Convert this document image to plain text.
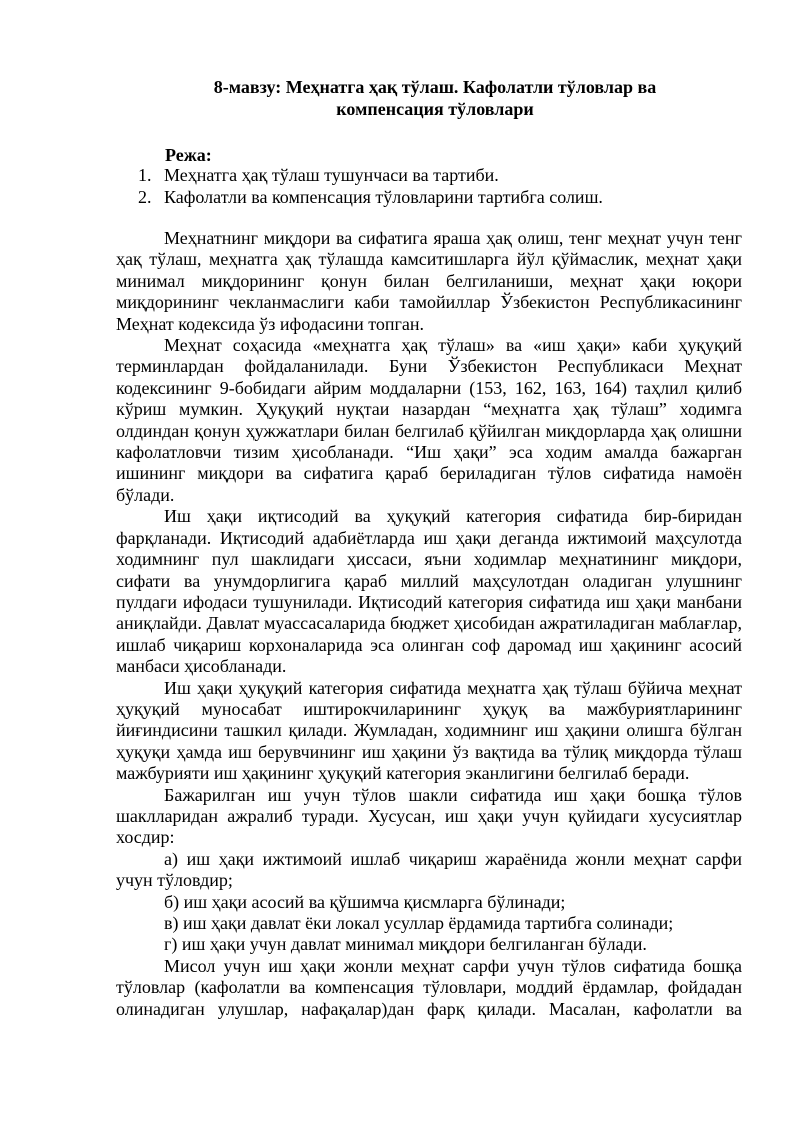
8-мавзу: Меҳнатга ҳақ тўлаш. Кафолатли тўловлар ва
компенсация тўловлари
Режа:
1. Меҳнатга ҳақ тўлаш тушунчаси ва тартиби.
2. Кафолатли ва компенсация тўловларини тартибга солиш.

Меҳнатнинг миқдори ва сифатига яраша ҳақ олиш, тенг меҳнат учун тенг ҳақ тўлаш, меҳнатга ҳақ тўлашда камситишларга йўл қўймаслик, меҳнат ҳақи минимал миқдорининг қонун билан белгиланиши, меҳнат ҳақи юқори миқдорининг чекланмаслиги каби тамойиллар Ўзбекистон Республикасининг Меҳнат кодексида ўз ифодасини топган.

Меҳнат соҳасида «меҳнатга ҳақ тўлаш» ва «иш ҳақи» каби ҳуқуқий терминлардан фойдаланилади. Буни Ўзбекистон Республикаси Меҳнат кодексининг 9-бобидаги айрим моддаларни (153, 162, 163, 164) таҳлил қилиб кўриш мумкин. Ҳуқуқий нуқтаи назардан “меҳнатга ҳақ тўлаш” ходимга олдиндан қонун ҳужжатлари билан белгилаб қўйилган миқдорларда ҳақ олишни кафолатловчи тизим ҳисобланади. “Иш ҳақи” эса ходим амалда бажарган ишининг миқдори ва сифатига қараб бериладиган тўлов сифатида намоён бўлади.

Иш ҳақи иқтисодий ва ҳуқуқий категория сифатида бир-биридан фарқланади. Иқтисодий адабиётларда иш ҳақи деганда ижтимоий маҳсулотда ходимнинг пул шаклидаги ҳиссаси, яъни ходимлар меҳнатининг миқдори, сифати ва унумдорлигига қараб миллий маҳсулотдан оладиган улушнинг пулдаги ифодаси тушунилади. Иқтисодий категория сифатида иш ҳақи манбани аниқлайди. Давлат муассасаларида бюджет ҳисобидан ажратиладиган маблағлар, ишлаб чиқариш корхоналарида эса олинган соф даромад иш ҳақининг асосий манбаси ҳисобланади.

Иш ҳақи ҳуқуқий категория сифатида меҳнатга ҳақ тўлаш бўйича меҳнат ҳуқуқий муносабат иштирокчиларининг ҳуқуқ ва мажбуриятларининг йиғиндисини ташкил қилади. Жумладан, ходимнинг иш ҳақини олишга бўлган ҳуқуқи ҳамда иш берувчининг иш ҳақини ўз вақтида ва тўлиқ миқдорда тўлаш мажбурияти иш ҳақининг ҳуқуқий категория эканлигини белгилаб беради.

Бажарилган иш учун тўлов шакли сифатида иш ҳақи бошқа тўлов шаклларидан ажралиб туради. Хусусан, иш ҳақи учун қуйидаги хусусиятлар хосдир:

а) иш ҳақи ижтимоий ишлаб чиқариш жараёнида жонли меҳнат сарфи учун тўловдир;

б) иш ҳақи асосий ва қўшимча қисмларга бўлинади;

в) иш ҳақи давлат ёки локал усуллар ёрдамида тартибга солинади;

г) иш ҳақи учун давлат минимал миқдори белгиланган бўлади.

Мисол учун иш ҳақи жонли меҳнат сарфи учун тўлов сифатида бошқа тўловлар (кафолатли ва компенсация тўловлари, моддий ёрдамлар, фойдадан олинадиган улушлар, нафақалар)дан фарқ қилади. Масалан, кафолатли ва
